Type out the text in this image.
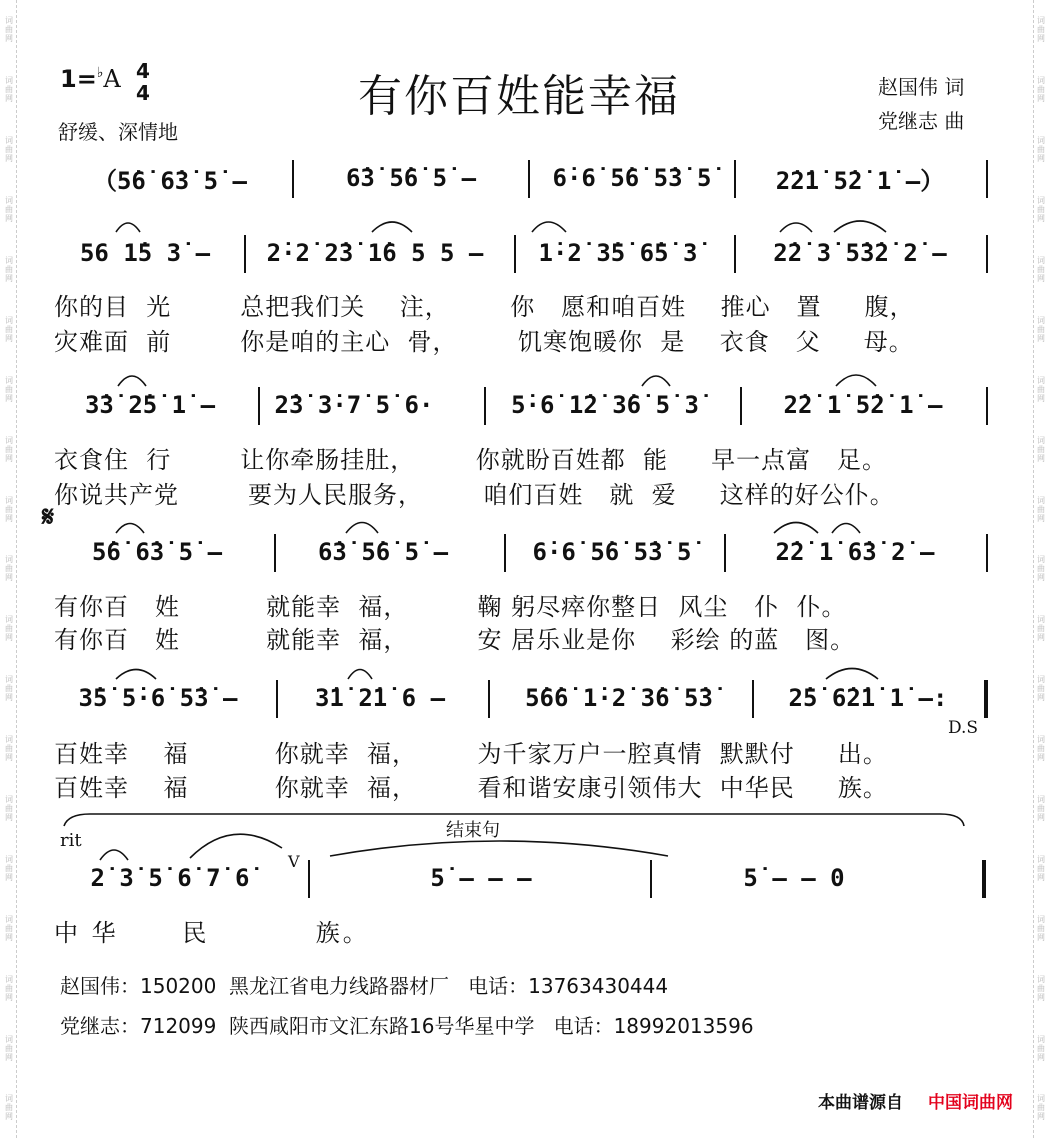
词
曲
网
词
曲
网
词
曲
网
词
曲
网
词
曲
网
词
曲
网
词
曲
网
词
曲
网
词
曲
网
词
曲
网
词
曲
网
词
曲
网
词
曲
网
词
曲
网
词
曲
网
词
曲
网
词
曲
网
词
曲
网
词
曲
网
词
曲
网
词
曲
网
词
曲
网
词
曲
网
词
曲
网
词
曲
网
词
曲
网
词
曲
网
词
曲
网
词
曲
网
词
曲
网
词
曲
网
词
曲
网
词
曲
网
词
曲
网
词
曲
网
词
曲
网
词
曲
网
词
曲
网
1=♭A 4
4
舒缓、深情地
有你百姓能幸福	赵国伟 词
党继志 曲
（5̇6̇ 6̇3̇ 5̇ –	6̇3̇ 5̇6̇ 5̇ –	6̇·6̇ 5̇6̇ 5̇3̇ 5̇	2̇2̇1̇ 5̇2̇ 1̇ –）
56 1̇5 3̇ –	2̇·2̇ 2̇3̇ 1̇6 5 5 –	1̇·2̇ 3̇5̇ 6̇5̇ 3̇	2̇2̇ 3̇ 5̇3̇2̇ 2̇ –
你的目  光        总把我们关    注，       你   愿和咱百姓    推心   置     腹，
灾难面  前        你是咱的主心  骨，       饥寒饱暖你  是    衣食   父     母。
3̇3̇ 2̇5̇ 1̇ –	2̇3̇ 3̇·7̇ 5̇ 6·	5̇·6̇ 1̇2̇ 3̇6̇ 5̇ 3̇	2̇2̇ 1̇ 5̇2̇ 1̇ –
衣食住  行        让你牵肠挂肚，       你就盼百姓都  能     早一点富   足。
你说共产党        要为人民服务，       咱们百姓   就  爱     这样的好公仆。
𝄋
5̇6̇ 6̇3̇ 5̇ –	6̇3̇ 5̇6̇ 5̇ –	6̇·6̇ 5̇6̇ 5̇3̇ 5̇	2̇2̇ 1̇ 6̇3̇ 2̇ –
有你百   姓          就能幸  福，        鞠 躬尽瘁你整日  风尘   仆  仆。
有你百   姓          就能幸  福，        安 居乐业是你    彩绘 的蓝   图。
3̇5̇ 5̇·6̇ 5̇3̇ –	3̇1̇ 2̇1̇ 6 –	5̇6̇6̇ 1̇·2̇ 3̇6̇ 5̇3̇	2̇5̇ 6̇2̇1̇ 1̇ –:
D.S
百姓幸    福          你就幸  福，       为千家万户一腔真情  默默付     出。
百姓幸    福          你就幸  福，       看和谐安康引领伟大  中华民     族。
rit	结束句
2̇ 3̇ 5̇ 6̇ 7̇ 6̇
V
5̇ – – –	5̇ – – 0
中 华      民          族。
赵国伟：150200  黑龙江省电力线路器材厂   电话：13763430444
党继志：712099  陕西咸阳市文汇东路16号华星中学   电话：18992013596
本曲谱源自 中国词曲网
